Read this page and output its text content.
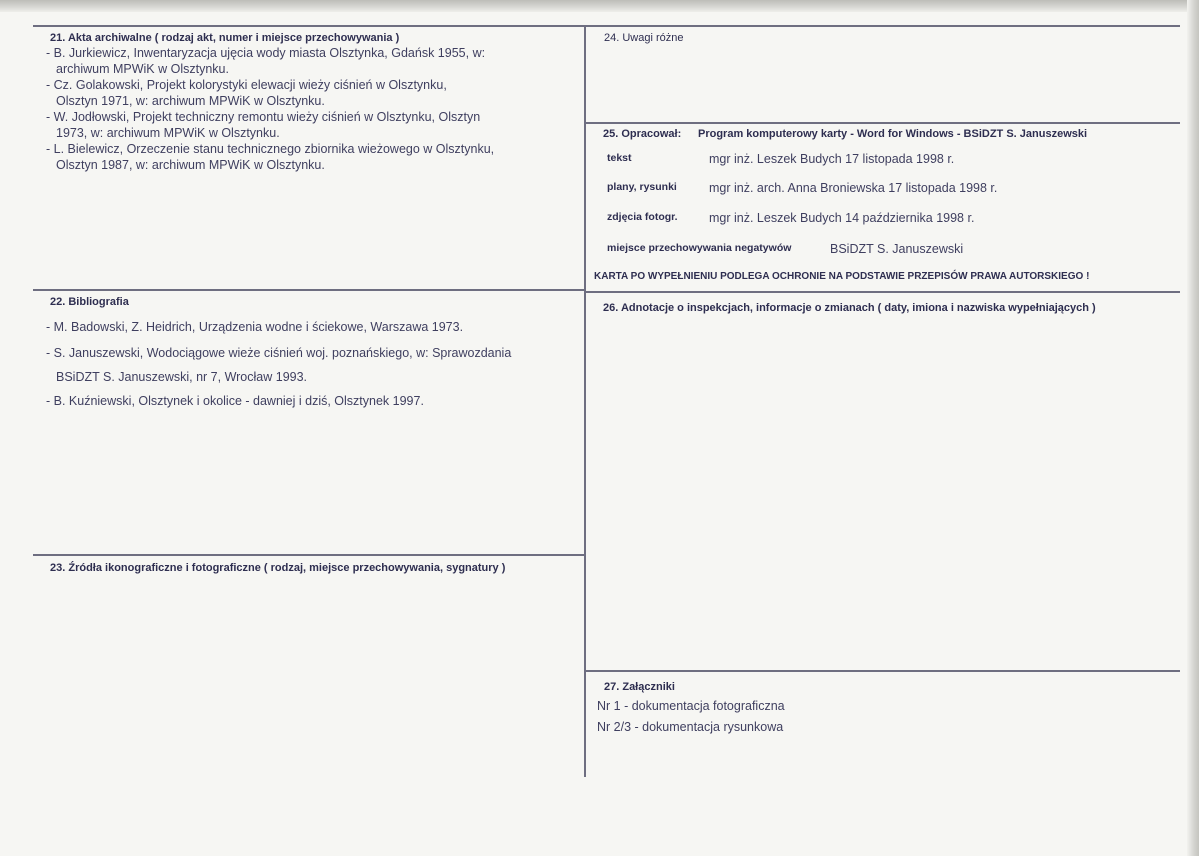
21. Akta archiwalne ( rodzaj akt, numer i miejsce przechowywania )
- B. Jurkiewicz, Inwentaryzacja ujęcia wody miasta Olsztynka, Gdańsk 1955, w:
archiwum MPWiK w Olsztynku.
- Cz. Golakowski, Projekt kolorystyki elewacji wieży ciśnień w Olsztynku,
Olsztyn 1971, w: archiwum MPWiK w Olsztynku.
- W. Jodłowski, Projekt techniczny remontu wieży ciśnień w Olsztynku, Olsztyn
1973, w: archiwum MPWiK w Olsztynku.
- L. Bielewicz, Orzeczenie stanu technicznego zbiornika wieżowego w Olsztynku,
Olsztyn 1987, w: archiwum MPWiK w Olsztynku.
22. Bibliografia
- M. Badowski, Z. Heidrich, Urządzenia wodne i ściekowe, Warszawa 1973.
- S. Januszewski, Wodociągowe wieże ciśnień woj. poznańskiego, w: Sprawozdania
BSiDZT S. Januszewski, nr 7, Wrocław 1993.
- B. Kuźniewski, Olsztynek i okolice - dawniej i dziś, Olsztynek 1997.
23. Źródła ikonograficzne i fotograficzne ( rodzaj, miejsce przechowywania, sygnatury )
24. Uwagi różne
25. Opracował: Program komputerowy karty - Word for Windows - BSiDZT S. Januszewski
tekst	mgr inż. Leszek Budych 17 listopada 1998 r.
plany, rysunki	mgr inż. arch. Anna Broniewska 17 listopada 1998 r.
zdjęcia fotogr.	mgr inż. Leszek Budych 14 października 1998 r.
miejsce przechowywania negatywów	BSiDZT S. Januszewski
KARTA PO WYPEŁNIENIU PODLEGA OCHRONIE NA PODSTAWIE PRZEPISÓW PRAWA AUTORSKIEGO !
26. Adnotacje o inspekcjach, informacje o zmianach ( daty, imiona i nazwiska wypełniających )
27. Załączniki
Nr 1 - dokumentacja fotograficzna
Nr 2/3 - dokumentacja rysunkowa
